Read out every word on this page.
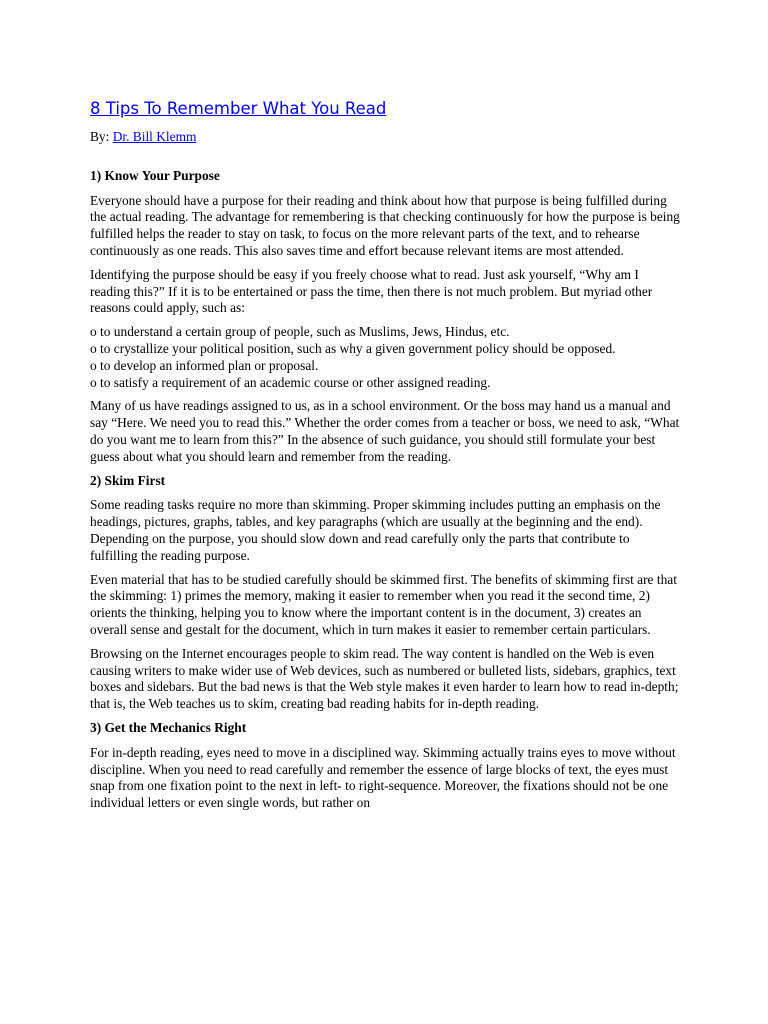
8 Tips To Remember What You Read
By: Dr. Bill Klemm
1) Know Your Purpose

Everyone should have a purpose for their reading and think about how that purpose is being fulfilled during the actual reading. The advantage for remembering is that checking continuously for how the purpose is being fulfilled helps the reader to stay on task, to focus on the more relevant parts of the text, and to rehearse continuously as one reads. This also saves time and effort because relevant items are most attended.

Identifying the purpose should be easy if you freely choose what to read. Just ask yourself, “Why am I reading this?” If it is to be entertained or pass the time, then there is not much problem. But myriad other reasons could apply, such as:

o to understand a certain group of people, such as Muslims, Jews, Hindus, etc.
o to crystallize your political position, such as why a given government policy should be opposed.
o to develop an informed plan or proposal.
o to satisfy a requirement of an academic course or other assigned reading.

Many of us have readings assigned to us, as in a school environment. Or the boss may hand us a manual and say “Here. We need you to read this.” Whether the order comes from a teacher or boss, we need to ask, “What do you want me to learn from this?” In the absence of such guidance, you should still formulate your best guess about what you should learn and remember from the reading.

2) Skim First

Some reading tasks require no more than skimming. Proper skimming includes putting an emphasis on the headings, pictures, graphs, tables, and key paragraphs (which are usually at the beginning and the end). Depending on the purpose, you should slow down and read carefully only the parts that contribute to fulfilling the reading purpose.

Even material that has to be studied carefully should be skimmed first. The benefits of skimming first are that the skimming: 1) primes the memory, making it easier to remember when you read it the second time, 2) orients the thinking, helping you to know where the important content is in the document, 3) creates an overall sense and gestalt for the document, which in turn makes it easier to remember certain particulars.

Browsing on the Internet encourages people to skim read. The way content is handled on the Web is even causing writers to make wider use of Web devices, such as numbered or bulleted lists, sidebars, graphics, text boxes and sidebars. But the bad news is that the Web style makes it even harder to learn how to read in-depth; that is, the Web teaches us to skim, creating bad reading habits for in-depth reading.

3) Get the Mechanics Right

For in-depth reading, eyes need to move in a disciplined way. Skimming actually trains eyes to move without discipline. When you need to read carefully and remember the essence of large blocks of text, the eyes must snap from one fixation point to the next in left- to right-sequence. Moreover, the fixations should not be one individual letters or even single words, but rather on
